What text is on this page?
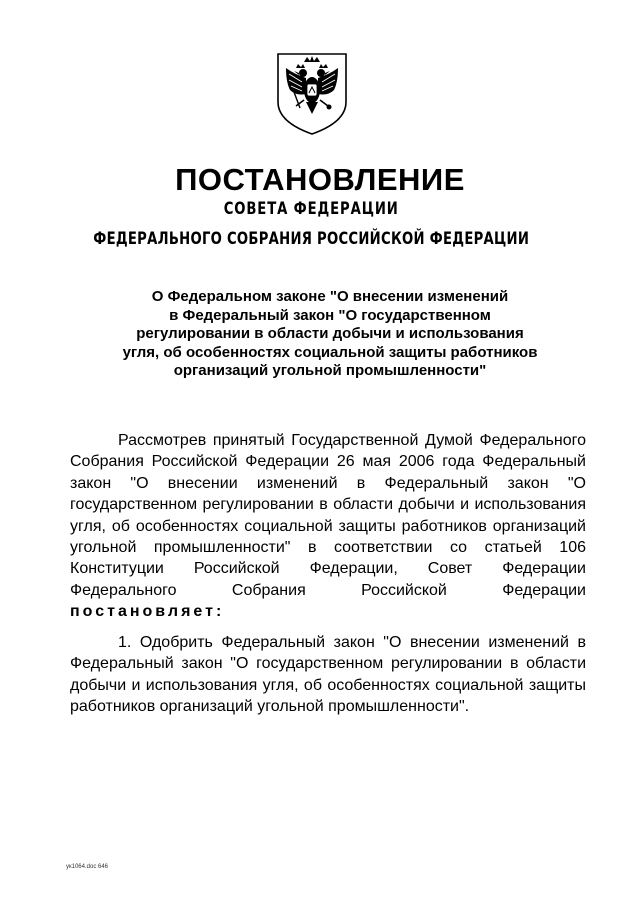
ПОСТАНОВЛЕНИЕ
СОВЕТА ФЕДЕРАЦИИ
ФЕДЕРАЛЬНОГО СОБРАНИЯ РОССИЙСКОЙ ФЕДЕРАЦИИ
О Федеральном законе "О внесении изменений
в Федеральный закон "О государственном
регулировании в области добычи и использования
угля, об особенностях социальной защиты работников
организаций угольной промышленности"

Рассмотрев принятый Государственной Думой Федерального Собрания Российской Федерации 26 мая 2006 года Федеральный закон "О внесении изменений в Федеральный закон "О государственном регулировании в области добычи и использования угля, об особенностях социальной защиты работников организаций угольной промышленности" в соответствии со статьей 106 Конституции Российской Федерации, Совет Федерации Федерального Собрания Российской Федерации постановляет:

1. Одобрить Федеральный закон "О внесении изменений в Федеральный закон "О государственном регулировании в области добычи и использования угля, об особенностях социальной защиты работников организаций угольной промышленности".

ук1064.doc 646
